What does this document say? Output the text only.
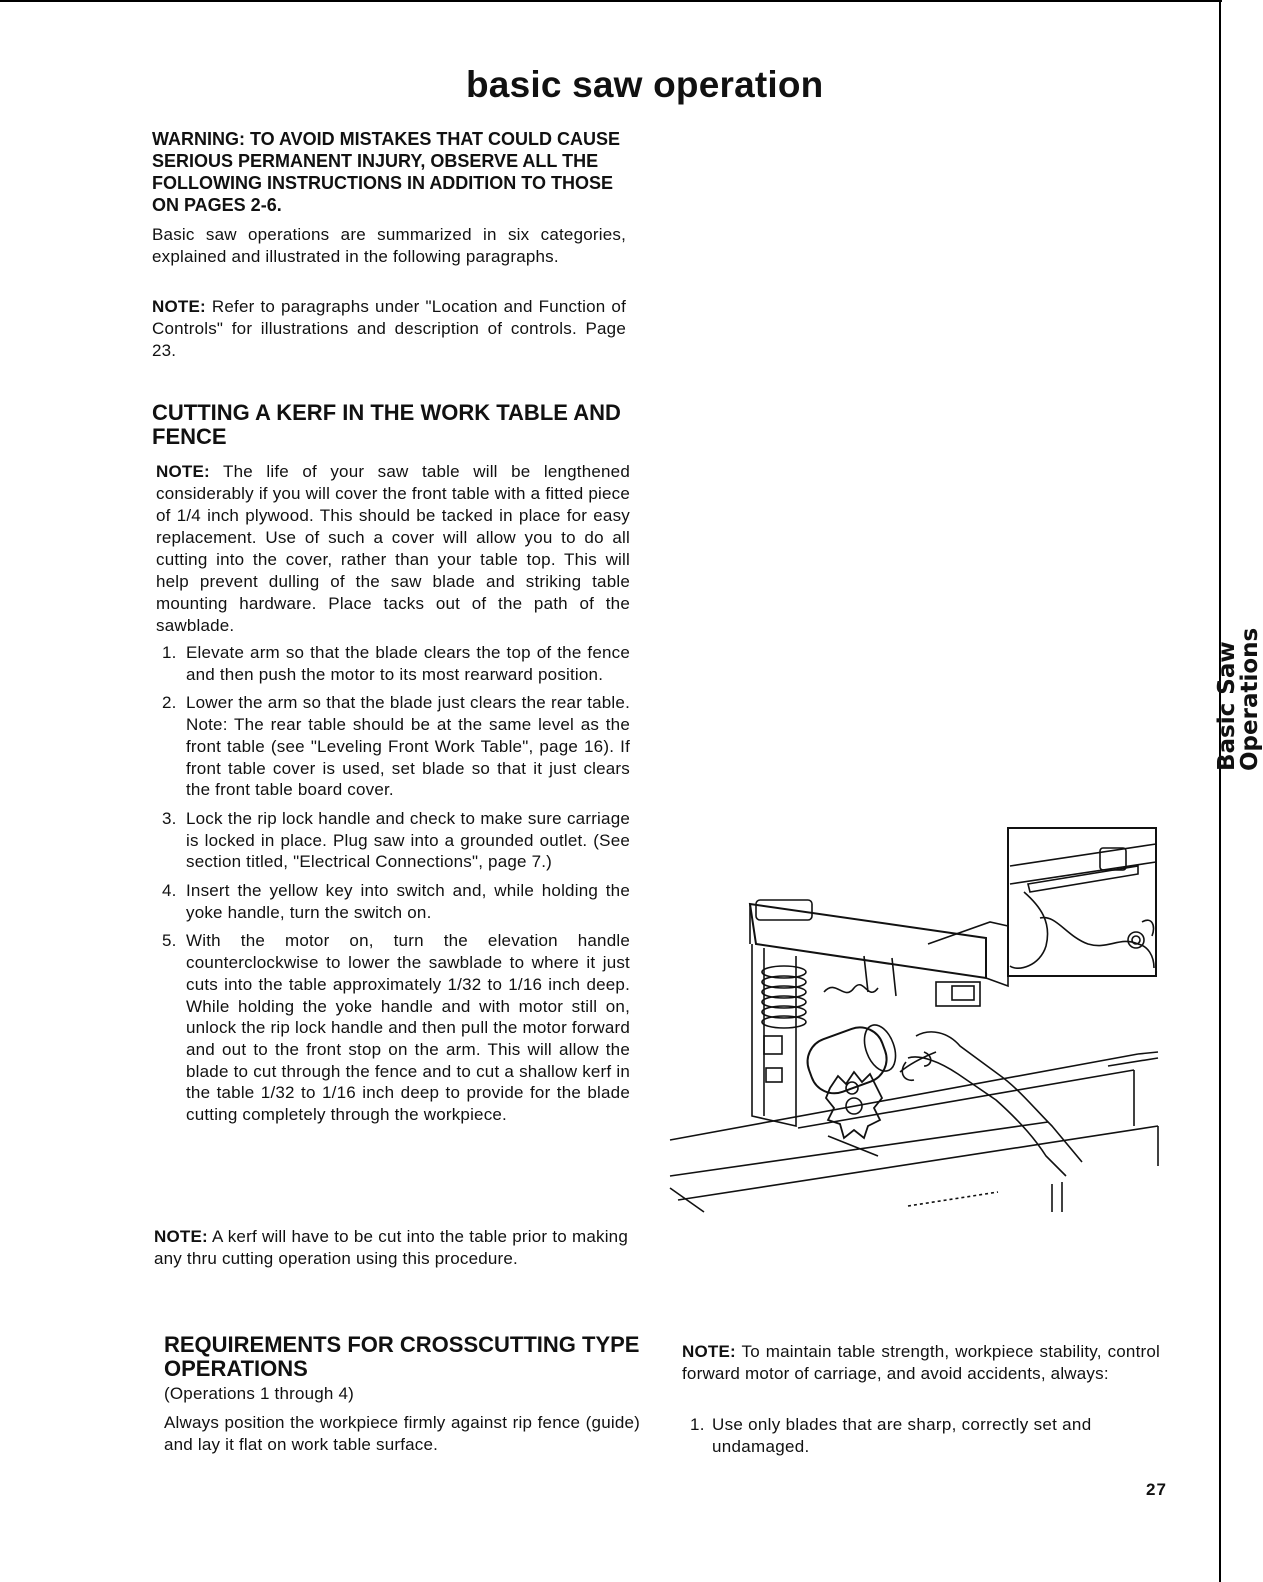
basic saw operation

WARNING: TO AVOID MISTAKES THAT COULD CAUSE SERIOUS PERMANENT INJURY, OBSERVE ALL THE FOLLOWING INSTRUCTIONS IN ADDITION TO THOSE ON PAGES 2-6.

Basic saw operations are summarized in six categories, explained and illustrated in the following paragraphs.

NOTE: Refer to paragraphs under "Location and Function of Controls" for illustrations and description of controls. Page 23.

CUTTING A KERF IN THE WORK TABLE AND FENCE

NOTE: The life of your saw table will be lengthened considerably if you will cover the front table with a fitted piece of 1/4 inch plywood. This should be tacked in place for easy replacement. Use of such a cover will allow you to do all cutting into the cover, rather than your table top. This will help prevent dulling of the saw blade and striking table mounting hardware. Place tacks out of the path of the sawblade.

1. Elevate arm so that the blade clears the top of the fence and then push the motor to its most rearward position.
2. Lower the arm so that the blade just clears the rear table. Note: The rear table should be at the same level as the front table (see "Leveling Front Work Table", page 16). If front table cover is used, set blade so that it just clears the front table board cover.
3. Lock the rip lock handle and check to make sure carriage is locked in place. Plug saw into a grounded outlet. (See section titled, "Electrical Connections", page 7.)
4. Insert the yellow key into switch and, while holding the yoke handle, turn the switch on.
5. With the motor on, turn the elevation handle counterclockwise to lower the sawblade to where it just cuts into the table approximately 1/32 to 1/16 inch deep. While holding the yoke handle and with motor still on, unlock the rip lock handle and then pull the motor forward and out to the front stop on the arm. This will allow the blade to cut through the fence and to cut a shallow kerf in the table 1/32 to 1/16 inch deep to provide for the blade cutting completely through the workpiece.

NOTE: A kerf will have to be cut into the table prior to making any thru cutting operation using this procedure.

REQUIREMENTS FOR CROSSCUTTING TYPE OPERATIONS

(Operations 1 through 4)

Always position the workpiece firmly against rip fence (guide) and lay it flat on work table surface.

NOTE: To maintain table strength, workpiece stability, control forward motor of carriage, and avoid accidents, always:

1. Use only blades that are sharp, correctly set and undamaged.
Basic Saw
Operations
27
